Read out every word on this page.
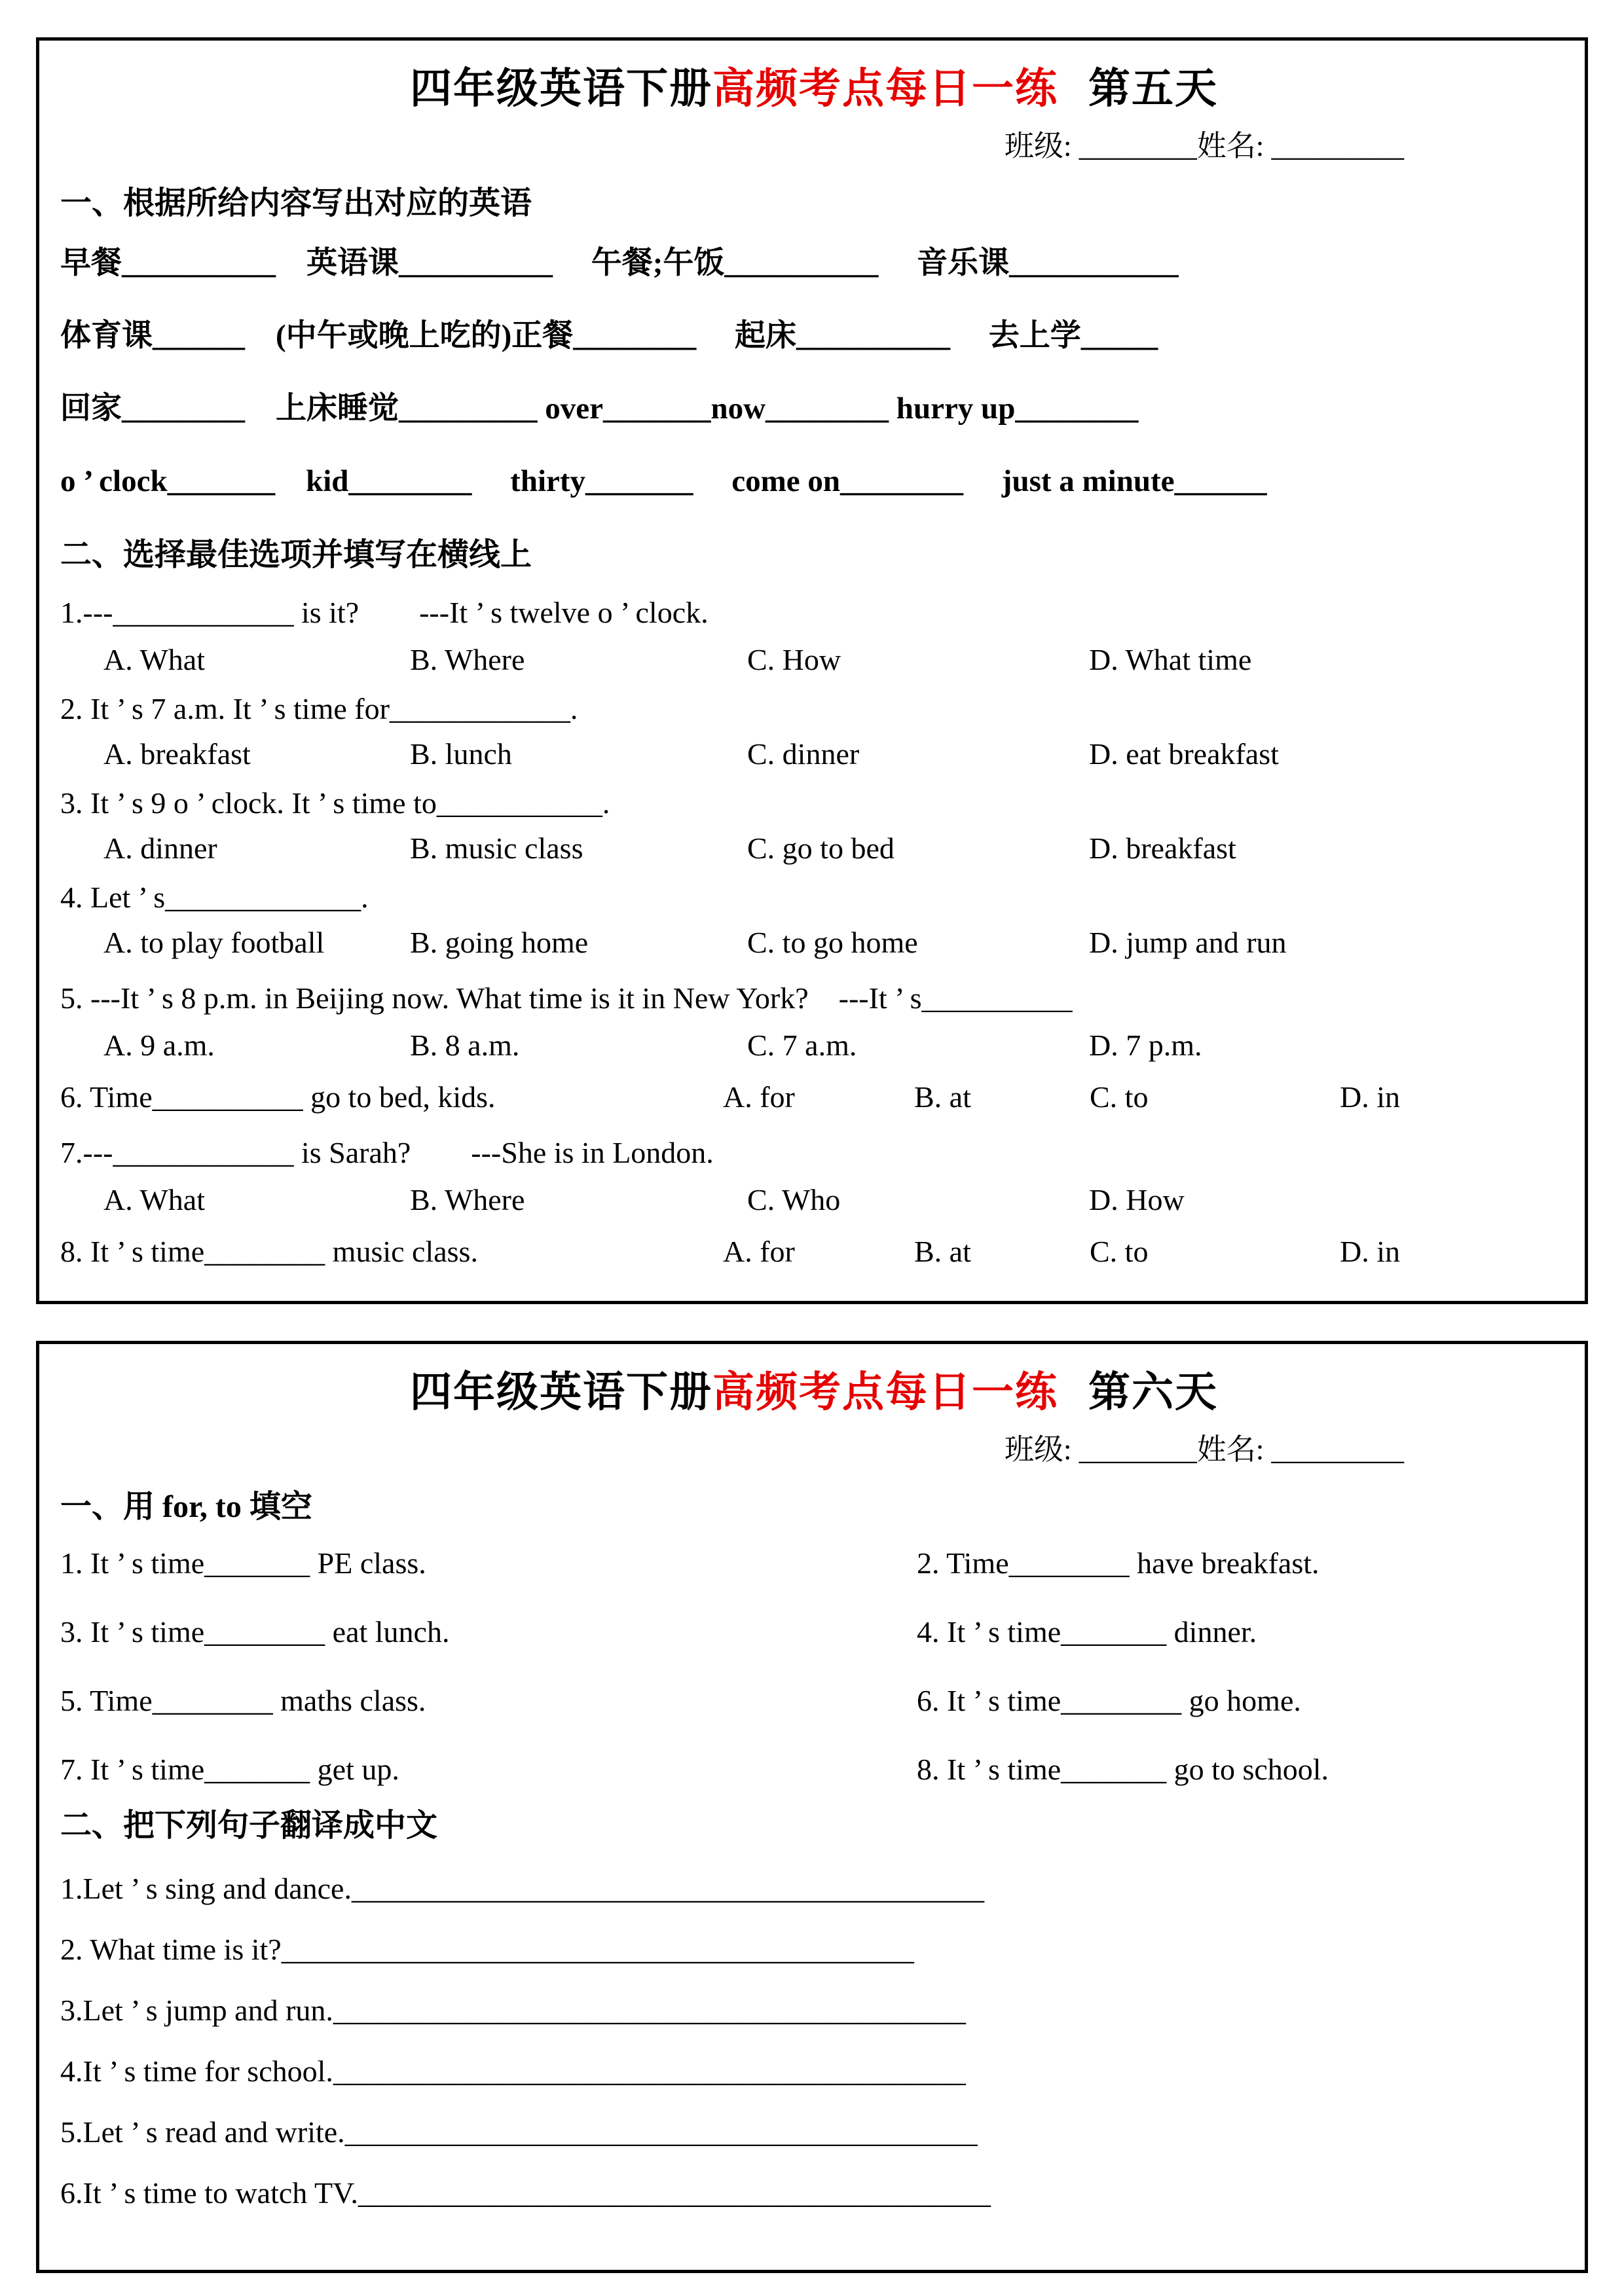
四年级英语下册高频考点每日一练 第五天
班级: ________姓名: _________
一、根据所给内容写出对应的英语
早餐__________　英语课__________　 午餐;午饭__________　 音乐课___________
体育课______　(中午或晚上吃的)正餐________　 起床__________　 去上学_____
回家________　上床睡觉_________ over_______now________ hurry up________
o ’ clock_______　kid________　 thirty_______　 come on________　 just a minute______
二、选择最佳选项并填写在横线上
1.---____________ is it?　　---It ’ s twelve o ’ clock.
A. What	B. Where	C. How	D. What time
2. It ’ s 7 a.m. It ’ s time for____________.
A. breakfast	B. lunch	C. dinner	D. eat breakfast
3. It ’ s 9 o ’ clock. It ’ s time to___________.
A. dinner	B. music class	C. go to bed	D. breakfast
4. Let ’ s_____________.
A. to play football	B. going home	C. to go home	D. jump and run
5. ---It ’ s 8 p.m. in Beijing now. What time is it in New York?　---It ’ s__________
A. 9 a.m.	B. 8 a.m.	C. 7 a.m.	D. 7 p.m.
6. Time__________ go to bed, kids.	A. for	B. at	C. to	D. in
7.---____________ is Sarah?　　---She is in London.
A. What	B. Where	C. Who	D. How
8. It ’ s time________ music class.	A. for	B. at	C. to	D. in
四年级英语下册高频考点每日一练 第六天
班级: ________姓名: _________
一、用 for, to 填空
1. It ’ s time_______ PE class.	2. Time________ have breakfast.
3. It ’ s time________ eat lunch.	4. It ’ s time_______ dinner.
5. Time________ maths class.	6. It ’ s time________ go home.
7. It ’ s time_______ get up.	8. It ’ s time_______ go to school.
二、把下列句子翻译成中文
1.Let ’ s sing and dance.__________________________________________
2. What time is it?__________________________________________
3.Let ’ s jump and run.__________________________________________
4.It ’ s time for school.__________________________________________
5.Let ’ s read and write.__________________________________________
6.It ’ s time to watch TV.__________________________________________
